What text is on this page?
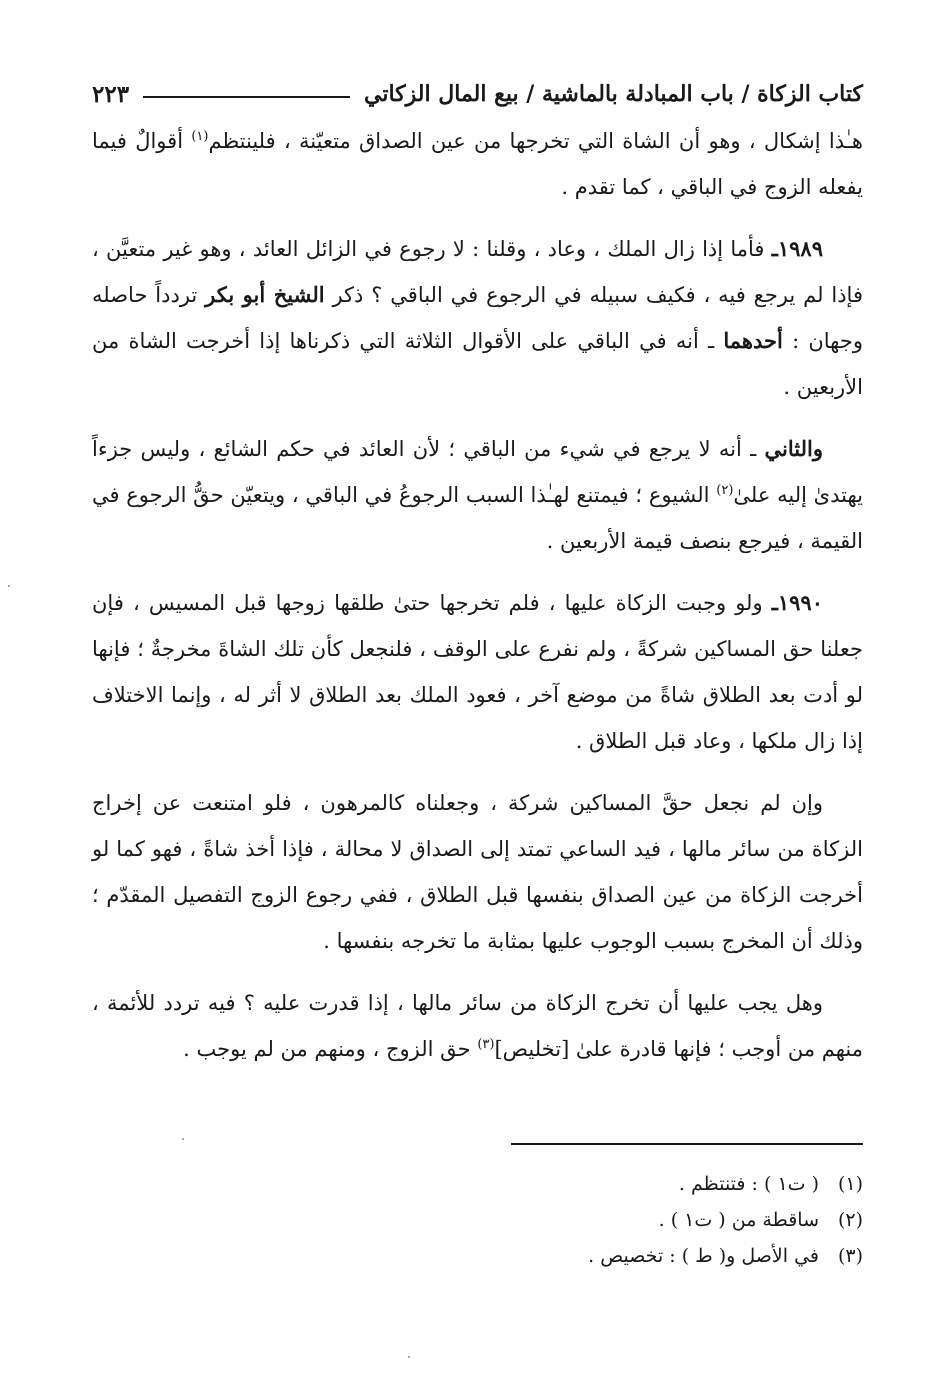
كتاب الزكاة / باب المبادلة بالماشية / بيع المال الزكاتي
٢٢٣

هـٰذا إشكال ، وهو أن الشاة التي تخرجها من عين الصداق متعيّنة ، فلينتظم$^{(١)}$ أقوالٌ فيما يفعله الزوج في الباقي ، كما تقدم .

١٩٨٩ـ فأما إذا زال الملك ، وعاد ، وقلنا : لا رجوع في الزائل العائد ، وهو غير متعيَّن ، فإذا لم يرجع فيه ، فكيف سبيله في الرجوع في الباقي ؟ ذكر الشيخ أبو بكر تردداً حاصله وجهان : أحدهما ـ أنه في الباقي على الأقوال الثلاثة التي ذكرناها إذا أخرجت الشاة من الأربعين .

والثاني ـ أنه لا يرجع في شيء من الباقي ؛ لأن العائد في حكم الشائع ، وليس جزءاً يهتدىٰ إليه علىٰ$^{(٢)}$ الشيوع ؛ فيمتنع لهـٰذا السبب الرجوعُ في الباقي ، ويتعيّن حقُّ الرجوع في القيمة ، فيرجع بنصف قيمة الأربعين .

١٩٩٠ـ ولو وجبت الزكاة عليها ، فلم تخرجها حتىٰ طلقها زوجها قبل المسيس ، فإن جعلنا حق المساكين شركةً ، ولم نفرع على الوقف ، فلنجعل كأن تلك الشاةَ مخرجةٌ ؛ فإنها لو أدت بعد الطلاق شاةً من موضع آخر ، فعود الملك بعد الطلاق لا أثر له ، وإنما الاختلاف إذا زال ملكها ، وعاد قبل الطلاق .

وإن لم نجعل حقَّ المساكين شركة ، وجعلناه كالمرهون ، فلو امتنعت عن إخراج الزكاة من سائر مالها ، فيد الساعي تمتد إلى الصداق لا محالة ، فإذا أخذ شاةً ، فهو كما لو أخرجت الزكاة من عين الصداق بنفسها قبل الطلاق ، ففي رجوع الزوج التفصيل المقدّم ؛ وذلك أن المخرج بسبب الوجوب عليها بمثابة ما تخرجه بنفسها .

وهل يجب عليها أن تخرج الزكاة من سائر مالها ، إذا قدرت عليه ؟ فيه تردد للأئمة ، منهم من أوجب ؛ فإنها قادرة علىٰ [تخليص]$^{(٣)}$ حق الزوج ، ومنهم من لم يوجب .

(١)
( ت١ ) : فتنتظم .
(٢)
ساقطة من ( ت١ ) .
(٣)
في الأصل و( ط ) : تخصيص .
